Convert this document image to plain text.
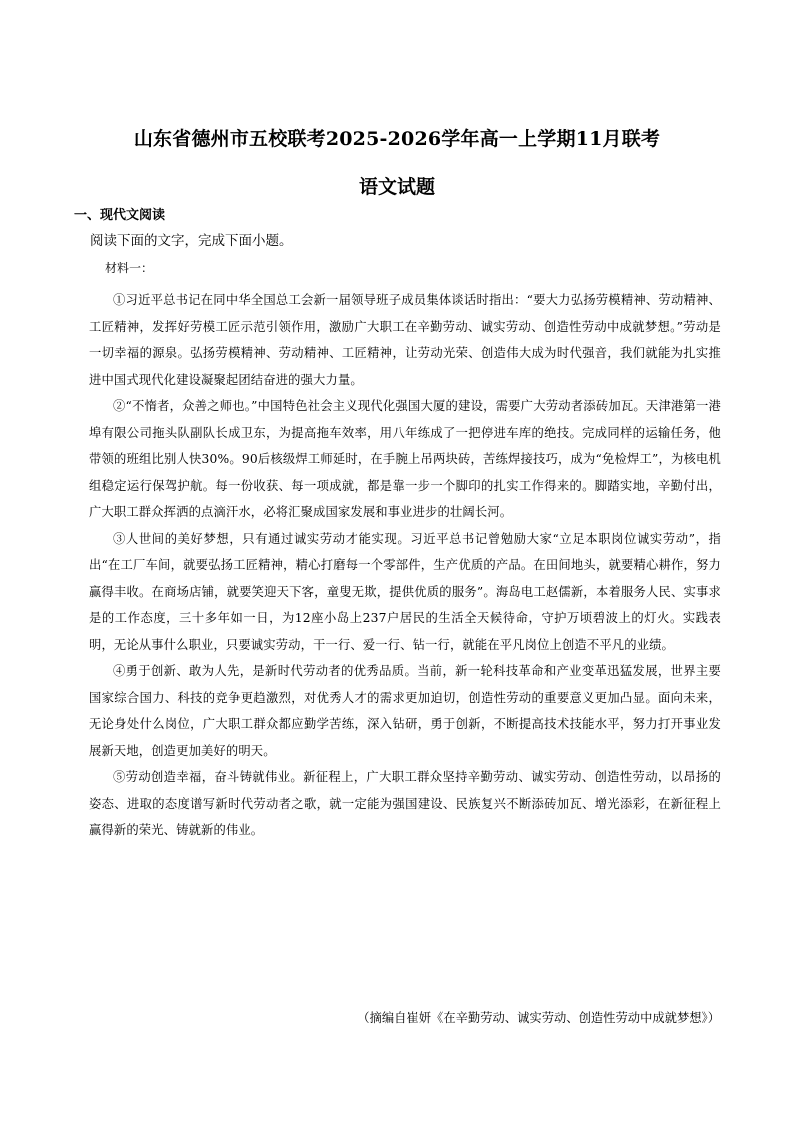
山东省德州市五校联考2025-2026学年高一上学期11月联考
语文试题
一、现代文阅读
阅读下面的文字，完成下面小题。
材料一：

①习近平总书记在同中华全国总工会新一届领导班子成员集体谈话时指出：“要大力弘扬劳模精神、劳动精神、工匠精神，发挥好劳模工匠示范引领作用，激励广大职工在辛勤劳动、诚实劳动、创造性劳动中成就梦想。”劳动是一切幸福的源泉。弘扬劳模精神、劳动精神、工匠精神，让劳动光荣、创造伟大成为时代强音，我们就能为扎实推进中国式现代化建设凝聚起团结奋进的强大力量。

②“不惰者，众善之师也。”中国特色社会主义现代化强国大厦的建设，需要广大劳动者添砖加瓦。天津港第一港埠有限公司拖头队副队长成卫东，为提高拖车效率，用八年练成了一把停进车库的绝技。完成同样的运输任务，他带领的班组比别人快30%。90后核级焊工师延时，在手腕上吊两块砖，苦练焊接技巧，成为“免检焊工”，为核电机组稳定运行保驾护航。每一份收获、每一项成就，都是靠一步一个脚印的扎实工作得来的。脚踏实地，辛勤付出，广大职工群众挥洒的点滴汗水，必将汇聚成国家发展和事业进步的壮阔长河。

③人世间的美好梦想，只有通过诚实劳动才能实现。习近平总书记曾勉励大家“立足本职岗位诚实劳动”，指出“在工厂车间，就要弘扬工匠精神，精心打磨每一个零部件，生产优质的产品。在田间地头，就要精心耕作，努力赢得丰收。在商场店铺，就要笑迎天下客，童叟无欺，提供优质的服务”。海岛电工赵儒新，本着服务人民、实事求是的工作态度，三十多年如一日，为12座小岛上237户居民的生活全天候待命，守护万顷碧波上的灯火。实践表明，无论从事什么职业，只要诚实劳动，干一行、爱一行、钻一行，就能在平凡岗位上创造不平凡的业绩。

④勇于创新、敢为人先，是新时代劳动者的优秀品质。当前，新一轮科技革命和产业变革迅猛发展，世界主要国家综合国力、科技的竞争更趋激烈，对优秀人才的需求更加迫切，创造性劳动的重要意义更加凸显。面向未来，无论身处什么岗位，广大职工群众都应勤学苦练，深入钻研，勇于创新，不断提高技术技能水平，努力打开事业发展新天地，创造更加美好的明天。

⑤劳动创造幸福，奋斗铸就伟业。新征程上，广大职工群众坚持辛勤劳动、诚实劳动、创造性劳动，以昂扬的姿态、进取的态度谱写新时代劳动者之歌，就一定能为强国建设、民族复兴不断添砖加瓦、增光添彩，在新征程上赢得新的荣光、铸就新的伟业。

（摘编自崔妍《在辛勤劳动、诚实劳动、创造性劳动中成就梦想》）
